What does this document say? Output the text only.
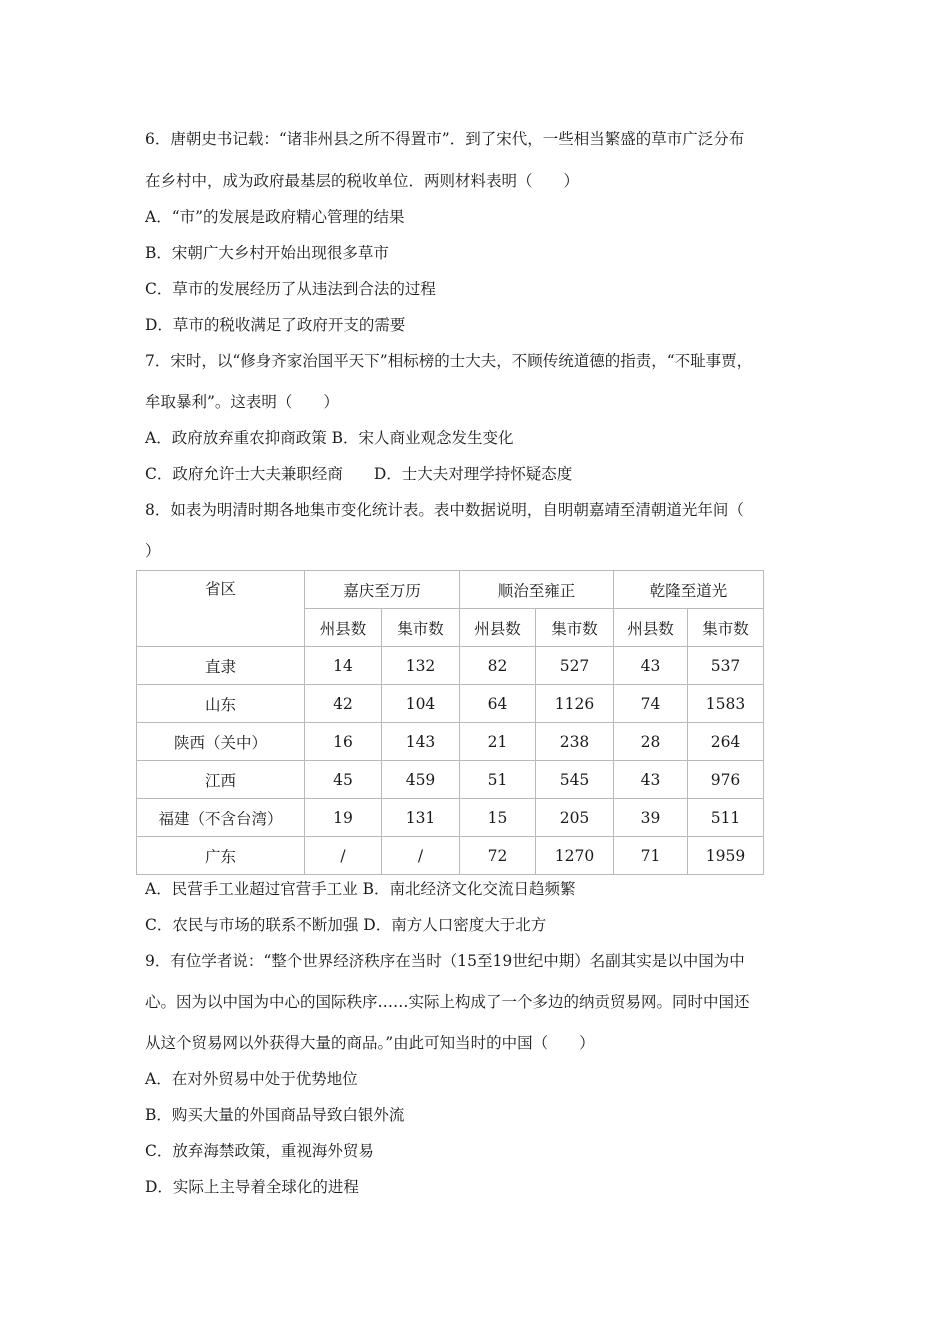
6．唐朝史书记载：“诸非州县之所不得置市”．到了宋代，一些相当繁盛的草市广泛分布
在乡村中，成为政府最基层的税收单位．两则材料表明（　　）
A．“市”的发展是政府精心管理的结果
B．宋朝广大乡村开始出现很多草市
C．草市的发展经历了从违法到合法的过程
D．草市的税收满足了政府开支的需要
7．宋时，以“修身齐家治国平天下”相标榜的士大夫，不顾传统道德的指责，“不耻事贾，
牟取暴利”。这表明（　　）
A．政府放弃重农抑商政策 B．宋人商业观念发生变化
C．政府允许士大夫兼职经商　　D．士大夫对理学持怀疑态度
8．如表为明清时期各地集市变化统计表。表中数据说明，自明朝嘉靖至清朝道光年间（
）
省区	嘉庆至万历		顺治至雍正		乾隆至道光	
	州县数	集市数	州县数	集市数	州县数	集市数
直隶	14	132	82	527	43	537
山东	42	104	64	1126	74	1583
陕西（关中）	16	143	21	238	28	264
江西	45	459	51	545	43	976
福建（不含台湾）	19	131	15	205	39	511
广东	/	/	72	1270	71	1959
A．民营手工业超过官营手工业 B．南北经济文化交流日趋频繁
C．农民与市场的联系不断加强 D．南方人口密度大于北方
9．有位学者说：“整个世界经济秩序在当时（15至19世纪中期）名副其实是以中国为中
心。因为以中国为中心的国际秩序……实际上构成了一个多边的纳贡贸易网。同时中国还
从这个贸易网以外获得大量的商品。”由此可知当时的中国（　　）
A．在对外贸易中处于优势地位
B．购买大量的外国商品导致白银外流
C．放弃海禁政策，重视海外贸易
D．实际上主导着全球化的进程
